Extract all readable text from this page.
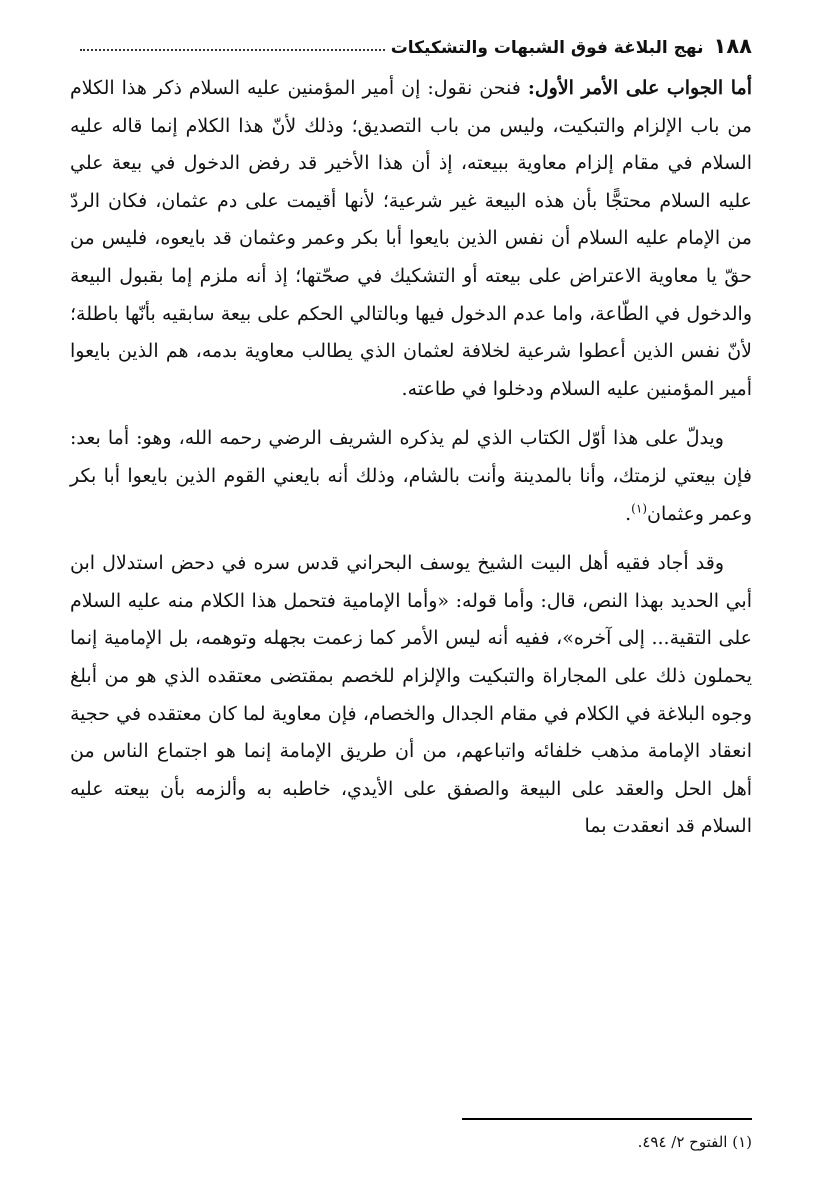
١٨٨
نهج البلاغة فوق الشبهات والتشكيكات

أما الجواب على الأمر الأول: فنحن نقول: إن أمير المؤمنين عليه السلام ذكر هذا الكلام من باب الإلزام والتبكيت، وليس من باب التصديق؛ وذلك لأنّ هذا الكلام إنما قاله عليه السلام في مقام إلزام معاوية ببيعته، إذ أن هذا الأخير قد رفض الدخول في بيعة علي عليه السلام محتجًّا بأن هذه البيعة غير شرعية؛ لأنها أقيمت على دم عثمان، فكان الردّ من الإمام عليه السلام أن نفس الذين بايعوا أبا بكر وعمر وعثمان قد بايعوه، فليس من حقّ يا معاوية الاعتراض على بيعته أو التشكيك في صحّتها؛ إذ أنه ملزم إما بقبول البيعة والدخول في الطّاعة، واما عدم الدخول فيها وبالتالي الحكم على بيعة سابقيه بأنّها باطلة؛ لأنّ نفس الذين أعطوا شرعية لخلافة لعثمان الذي يطالب معاوية بدمه، هم الذين بايعوا أمير المؤمنين عليه السلام ودخلوا في طاعته.

ويدلّ على هذا أوّل الكتاب الذي لم يذكره الشريف الرضي رحمه الله، وهو: أما بعد: فإن بيعتي لزمتك، وأنا بالمدينة وأنت بالشام، وذلك أنه بايعني القوم الذين بايعوا أبا بكر وعمر وعثمان$^{(١)}$.

وقد أجاد فقيه أهل البيت الشيخ يوسف البحراني قدس سره في دحض استدلال ابن أبي الحديد بهذا النص، قال: وأما قوله: «وأما الإمامية فتحمل هذا الكلام منه عليه السلام على التقية... إلى آخره»، ففيه أنه ليس الأمر كما زعمت بجهله وتوهمه، بل الإمامية إنما يحملون ذلك على المجاراة والتبكيت والإلزام للخصم بمقتضى معتقده الذي هو من أبلغ وجوه البلاغة في الكلام في مقام الجدال والخصام، فإن معاوية لما كان معتقده في حجية انعقاد الإمامة مذهب خلفائه واتباعهم، من أن طريق الإمامة إنما هو اجتماع الناس من أهل الحل والعقد على البيعة والصفق على الأيدي، خاطبه به وألزمه بأن بيعته عليه السلام قد انعقدت بما

(١) الفتوح ٢/ ٤٩٤.
